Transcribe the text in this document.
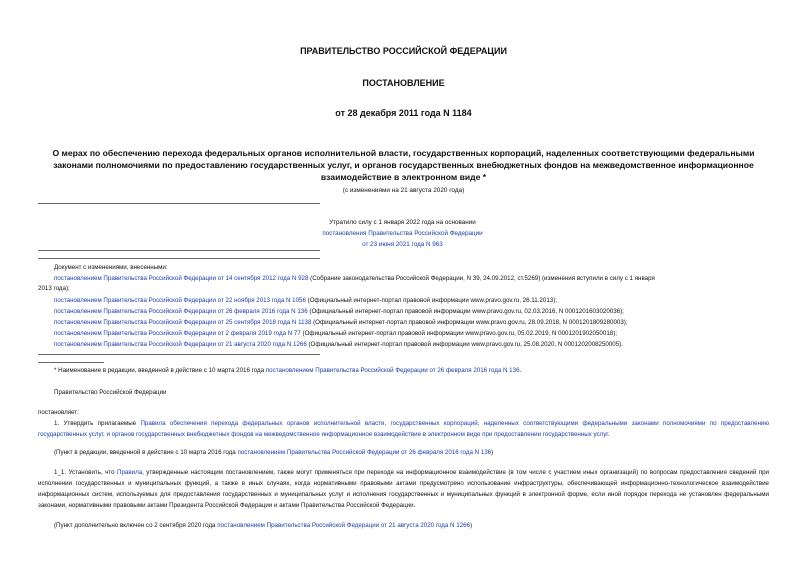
ПРАВИТЕЛЬСТВО РОССИЙСКОЙ ФЕДЕРАЦИИ
ПОСТАНОВЛЕНИЕ
от 28 декабря 2011 года N 1184
О мерах по обеспечению перехода федеральных органов исполнительной власти, государственных корпораций, наделенных соответствующими федеральными законами полномочиями по предоставлению государственных услуг, и органов государственных внебюджетных фондов на межведомственное информационное взаимодействие в электронном виде *
(с изменениями на 21 августа 2020 года)
Утратило силу с 1 января 2022 года на основании
постановления Правительства Российской Федерации
от 23 июня 2021 года N 963
Документ с изменениями, внесенными:
постановлением Правительства Российской Федерации от 14 сентября 2012 года N 928 (Собрание законодательства Российской Федерации, N 39, 24.09.2012, ст.5269) (изменения вступили в силу с 1 января
2013 года);
постановлением Правительства Российской Федерации от 22 ноября 2013 года N 1056 (Официальный интернет-портал правовой информации www.pravo.gov.ru, 26.11.2013);
постановлением Правительства Российской Федерации от 26 февраля 2016 года N 136 (Официальный интернет-портал правовой информации www.pravo.gov.ru, 02.03.2016, N 0001201603020036);
постановлением Правительства Российской Федерации от 25 сентября 2018 года N 1138 (Официальный интернет-портал правовой информации www.pravo.gov.ru, 28.09.2018, N 0001201809280003);
постановлением Правительства Российской Федерации от 2 февраля 2019 года N 77 (Официальный интернет-портал правовой информации www.pravo.gov.ru, 05.02.2019, N 0001201902050018);
постановлением Правительства Российской Федерации от 21 августа 2020 года N 1266 (Официальный интернет-портал правовой информации www.pravo.gov.ru, 25.08.2020, N 0001202008250005).
* Наименование в редакции, введенной в действие с 10 марта 2016 года постановлением Правительства Российской Федерации от 26 февраля 2016 года N 136.
Правительство Российской Федерации
постановляет:
1. Утвердить прилагаемые Правила обеспечения перехода федеральных органов исполнительной власти, государственных корпораций, наделенных соответствующими федеральными законами полномочиями по предоставлению государственных услуг, и органов государственных внебюджетных фондов на межведомственное информационное взаимодействие в электронном виде при предоставлении государственных услуг.
(Пункт в редакции, введенной в действие с 10 марта 2016 года постановлением Правительства Российской Федерации от 26 февраля 2016 года N 136)
1_1. Установить, что Правила, утвержденные настоящим постановлением, также могут применяться при переходе на информационное взаимодействие (в том числе с участием иных организаций) по вопросам предоставления сведений при исполнении государственных и муниципальных функций, а также в иных случаях, когда нормативными правовыми актами предусмотрено использование инфраструктуры, обеспечивающей информационно-технологическое взаимодействие информационных систем, используемых для предоставления государственных и муниципальных услуг и исполнения государственных и муниципальных функций в электронной форме, если иной порядок перехода не установлен федеральными законами, нормативными правовыми актами Президента Российской Федерации и актами Правительства Российской Федерации.
(Пункт дополнительно включен со 2 сентября 2020 года постановлением Правительства Российской Федерации от 21 августа 2020 года N 1266)
